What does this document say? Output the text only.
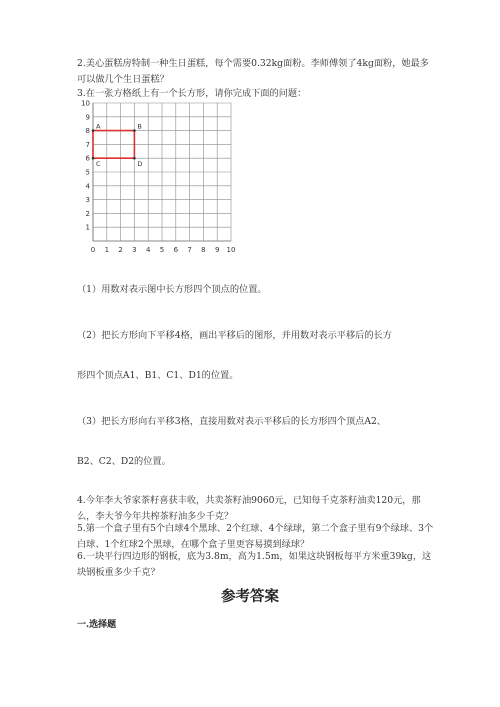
2.美心蛋糕房特制一种生日蛋糕，每个需要0.32kg面粉。李师傅领了4kg面粉，她最多可以做几个生日蛋糕？
3.在一张方格纸上有一个长方形，请你完成下面的问题：
0 1 2 3 4 5 6 7 8 9 10
1
2
3
4
5
6
7
8
9
10
A	B
C	D
（1）用数对表示图中长方形四个顶点的位置。
（2）把长方形向下平移4格，画出平移后的图形，并用数对表示平移后的长方
形四个顶点A1、B1、C1、D1的位置。
（3）把长方形向右平移3格，直接用数对表示平移后的长方形四个顶点A2、
B2、C2、D2的位置。
4.今年李大爷家茶籽喜获丰收，共卖茶籽油9060元，已知每千克茶籽油卖120元，那么，李大爷今年共榨茶籽油多少千克？
5.第一个盒子里有5个白球4个黑球、2个红球、4个绿球，第二个盒子里有9个绿球、3个白球、1个红球2个黑球，在哪个盒子里更容易摸到绿球？
6.一块平行四边形的钢板，底为3.8m，高为1.5m，如果这块钢板每平方米重39kg，这块钢板重多少千克？
参考答案
一.选择题
